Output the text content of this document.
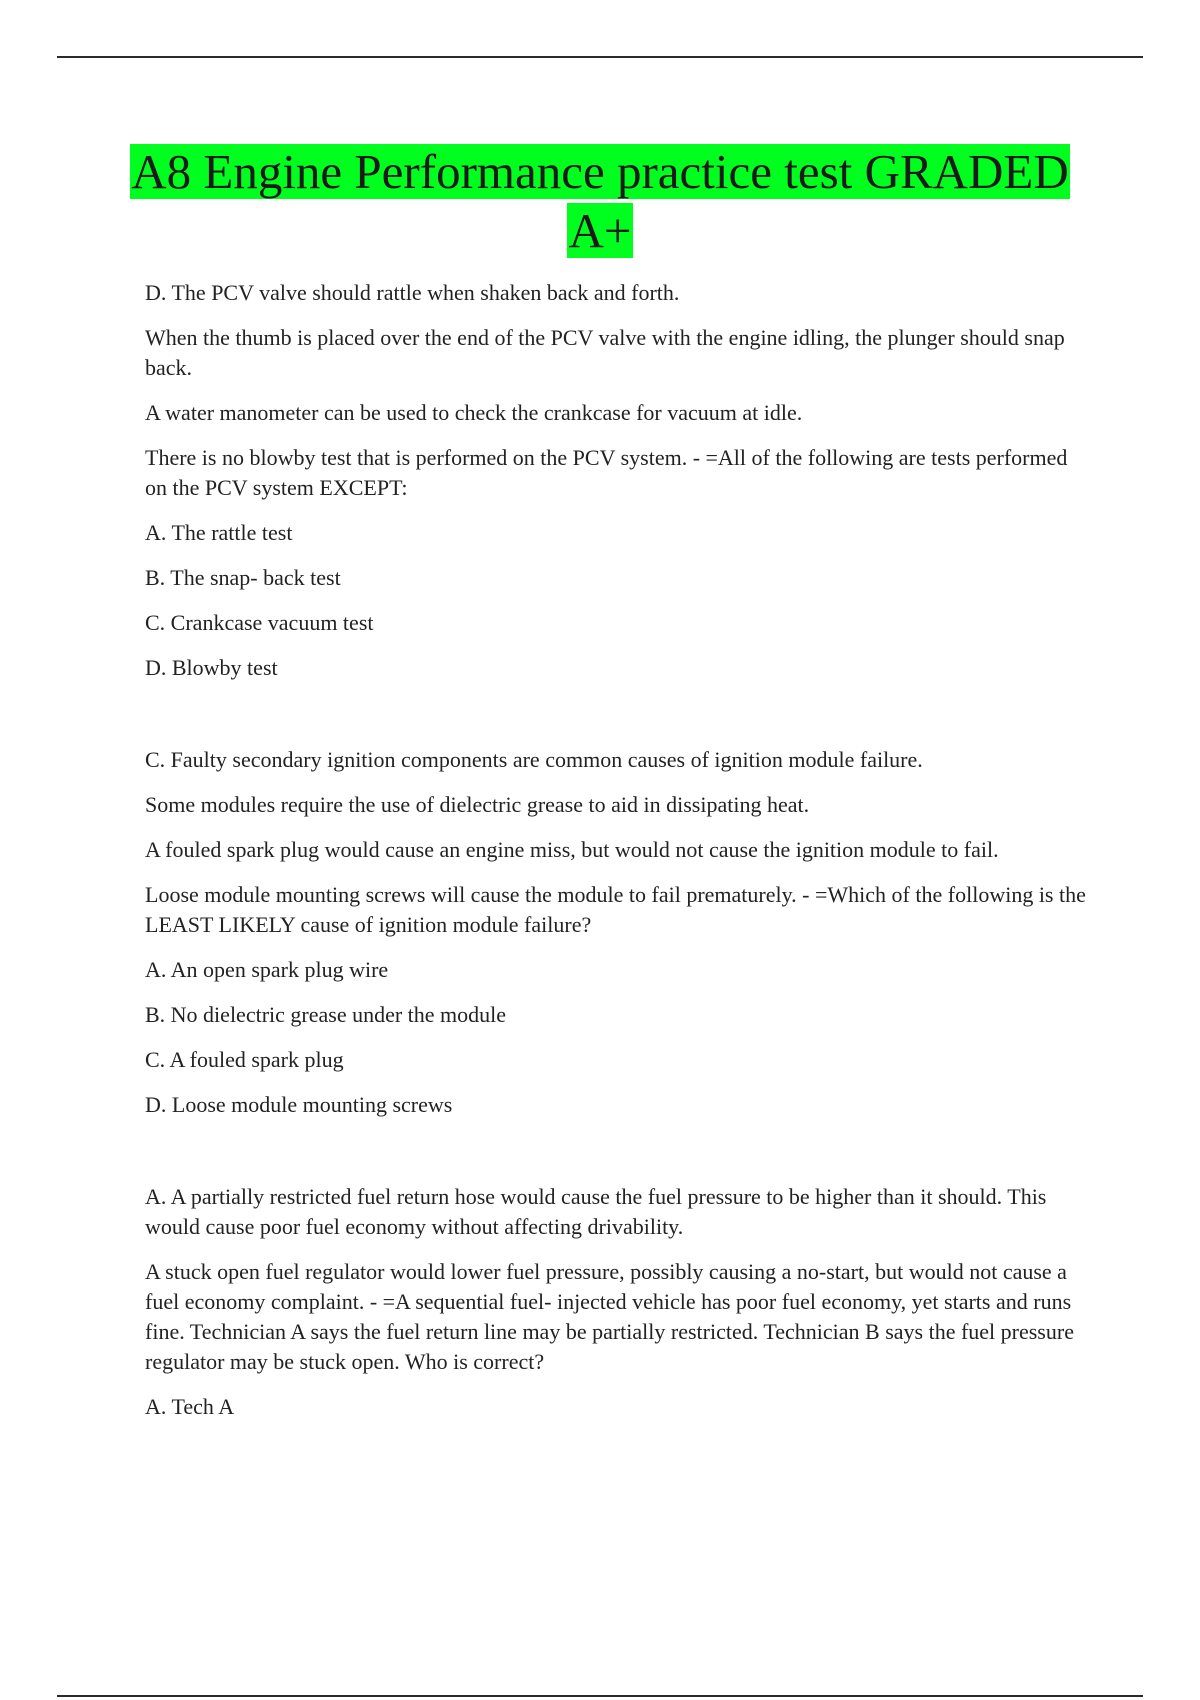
A8 Engine Performance practice test GRADED
A+

D. The PCV valve should rattle when shaken back and forth.

When the thumb is placed over the end of the PCV valve with the engine idling, the plunger should snap back.

A water manometer can be used to check the crankcase for vacuum at idle.

There is no blowby test that is performed on the PCV system. - =All of the following are tests performed on the PCV system EXCEPT:

A. The rattle test

B. The snap- back test

C. Crankcase vacuum test

D. Blowby test

C. Faulty secondary ignition components are common causes of ignition module failure.

Some modules require the use of dielectric grease to aid in dissipating heat.

A fouled spark plug would cause an engine miss, but would not cause the ignition module to fail.

Loose module mounting screws will cause the module to fail prematurely. - =Which of the following is the LEAST LIKELY cause of ignition module failure?

A. An open spark plug wire

B. No dielectric grease under the module

C. A fouled spark plug

D. Loose module mounting screws

A. A partially restricted fuel return hose would cause the fuel pressure to be higher than it should. This would cause poor fuel economy without affecting drivability.

A stuck open fuel regulator would lower fuel pressure, possibly causing a no-start, but would not cause a fuel economy complaint. - =A sequential fuel- injected vehicle has poor fuel economy, yet starts and runs fine. Technician A says the fuel return line may be partially restricted. Technician B says the fuel pressure regulator may be stuck open. Who is correct?

A. Tech A
